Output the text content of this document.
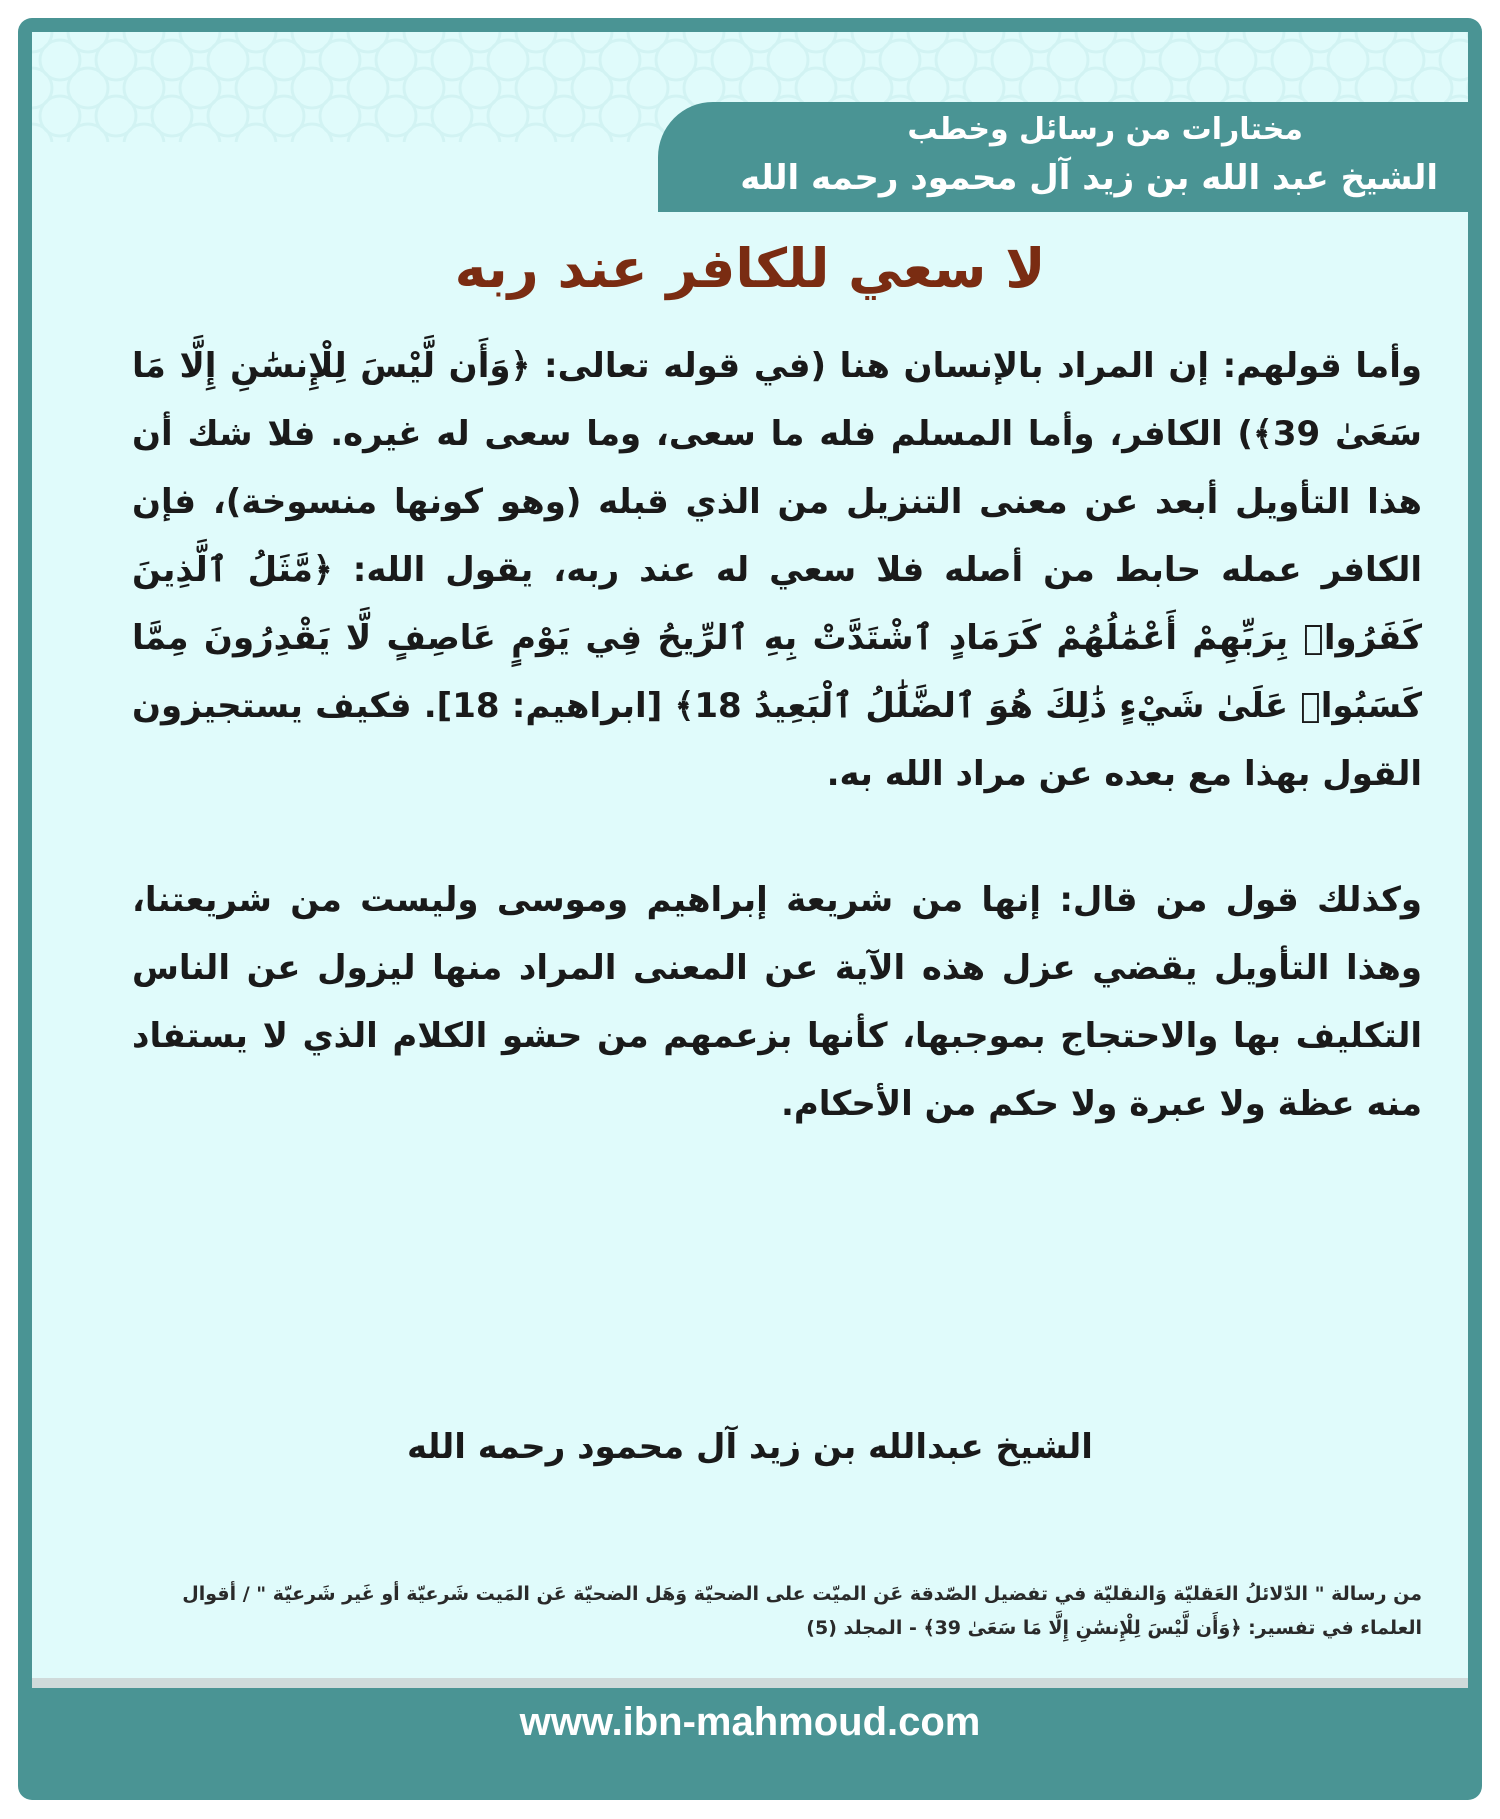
مختارات من رسائل وخطب
الشيخ عبد الله بن زيد آل محمود رحمه الله
لا سعي للكافر عند ربه

وأما قولهم: إن المراد بالإنسان هنا (في قوله تعالى: ﴿وَأَن لَّيْسَ لِلْإِنسَٰنِ إِلَّا مَا سَعَىٰ 39﴾) الكافر، وأما المسلم فله ما سعى، وما سعى له غيره. فلا شك أن هذا التأويل أبعد عن معنى التنزيل من الذي قبله (وهو كونها منسوخة)، فإن الكافر عمله حابط من أصله فلا سعي له عند ربه، يقول الله: ﴿مَّثَلُ ٱلَّذِينَ كَفَرُوا۟ بِرَبِّهِمْ أَعْمَٰلُهُمْ كَرَمَادٍ ٱشْتَدَّتْ بِهِ ٱلرِّيحُ فِي يَوْمٍ عَاصِفٍ لَّا يَقْدِرُونَ مِمَّا كَسَبُوا۟ عَلَىٰ شَيْءٍ ذَٰلِكَ هُوَ ٱلضَّلَٰلُ ٱلْبَعِيدُ 18﴾ [ابراهيم: 18]. فكيف يستجيزون القول بهذا مع بعده عن مراد الله به.

وكذلك قول من قال: إنها من شريعة إبراهيم وموسى وليست من شريعتنا، وهذا التأويل يقضي عزل هذه الآية عن المعنى المراد منها ليزول عن الناس التكليف بها والاحتجاج بموجبها، كأنها بزعمهم من حشو الكلام الذي لا يستفاد منه عظة ولا عبرة ولا حكم من الأحكام.

الشيخ عبدالله بن زيد آل محمود رحمه الله
من رسالة " الدّلائلُ العَقليّة وَالنقليّة في تفضيل الصّدقة عَن الميّت على الضحيّة وَهَل الضحيّة عَن المَيت شَرعيّة أو غَير شَرعيّة " / أقوال العلماء في تفسير: ﴿وَأَن لَّيْسَ لِلْإِنسَٰنِ إِلَّا مَا سَعَىٰ 39﴾ - المجلد (5)
www.ibn-mahmoud.com
